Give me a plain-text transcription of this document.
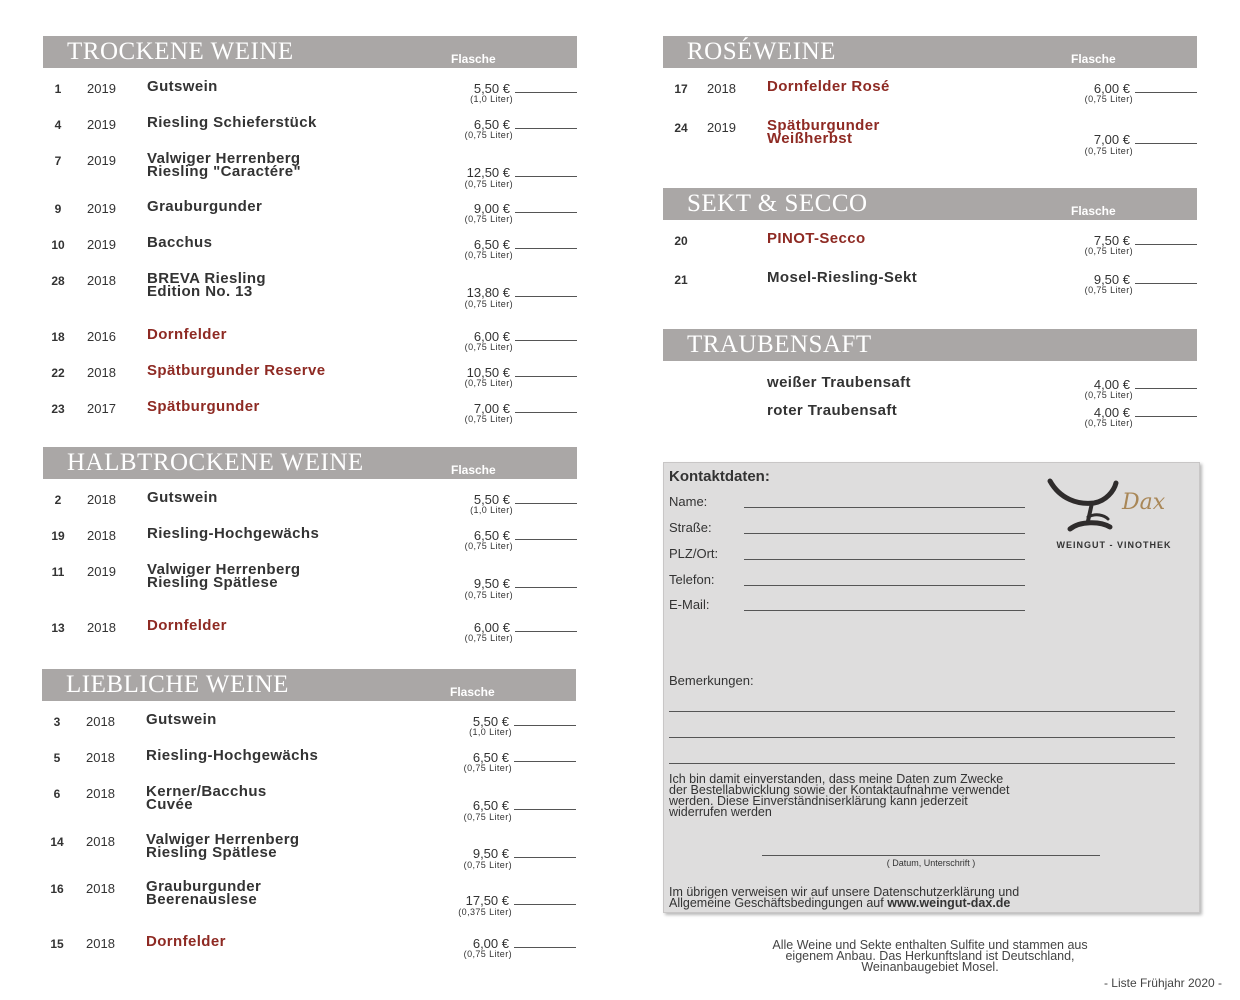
TROCKENE WEINE	Flasche
1	2019 Gutswein	5,50 €
(1,0 Liter)
4	2019 Riesling Schieferstück	6,50 €
(0,75 Liter)
7	2019 Valwiger Herrenberg
Riesling "Caractére"	12,50 €
(0,75 Liter)
9	2019 Grauburgunder	9,00 €
(0,75 Liter)
10	2019 Bacchus	6,50 €
(0,75 Liter)
28	2018 BREVA Riesling
Edition No. 13	13,80 €
(0,75 Liter)
18	2016 Dornfelder	6,00 €
(0,75 Liter)
22	2018 Spätburgunder Reserve	10,50 €
(0,75 Liter)
23	2017 Spätburgunder	7,00 €
(0,75 Liter)
HALBTROCKENE WEINE	Flasche
2	2018 Gutswein	5,50 €
(1,0 Liter)
19	2018 Riesling-Hochgewächs	6,50 €
(0,75 Liter)
11	2019 Valwiger Herrenberg
Riesling Spätlese	9,50 €
(0,75 Liter)
13	2018 Dornfelder	6,00 €
(0,75 Liter)
LIEBLICHE WEINE	Flasche
3	2018 Gutswein	5,50 €
(1,0 Liter)
5	2018 Riesling-Hochgewächs	6,50 €
(0,75 Liter)
6	2018 Kerner/Bacchus
Cuvée	6,50 €
(0,75 Liter)
14	2018 Valwiger Herrenberg
Riesling Spätlese	9,50 €
(0,75 Liter)
16	2018 Grauburgunder
Beerenauslese	17,50 €
(0,375 Liter)
15	2018 Dornfelder	6,00 €
(0,75 Liter)
ROSÉWEINE	Flasche
17	2018 Dornfelder Rosé	6,00 €
(0,75 Liter)
24	2019 Spätburgunder
Weißherbst	7,00 €
(0,75 Liter)
SEKT & SECCO	Flasche
20	PINOT-Secco	7,50 €
(0,75 Liter)
21	Mosel-Riesling-Sekt	9,50 €
(0,75 Liter)
TRAUBENSAFT
weißer Traubensaft	4,00 €
(0,75 Liter)
roter Traubensaft	4,00 €
(0,75 Liter)
Kontaktdaten:
Name:
Straße:
PLZ/Ort:
Telefon:
E-Mail:
Dax
WEINGUT - VINOTHEK
Bemerkungen:
Ich bin damit einverstanden, dass meine Daten zum Zwecke
der Bestellabwicklung sowie der Kontaktaufnahme verwendet
werden. Diese Einverständniserklärung kann jederzeit
widerrufen werden
( Datum, Unterschrift )
Im übrigen verweisen wir auf unsere Datenschutzerklärung und
Allgemeine Geschäftsbedingungen auf www.weingut-dax.de
Alle Weine und Sekte enthalten Sulfite und stammen aus
eigenem Anbau. Das Herkunftsland ist Deutschland,
Weinanbaugebiet Mosel.
- Liste Frühjahr 2020 -
